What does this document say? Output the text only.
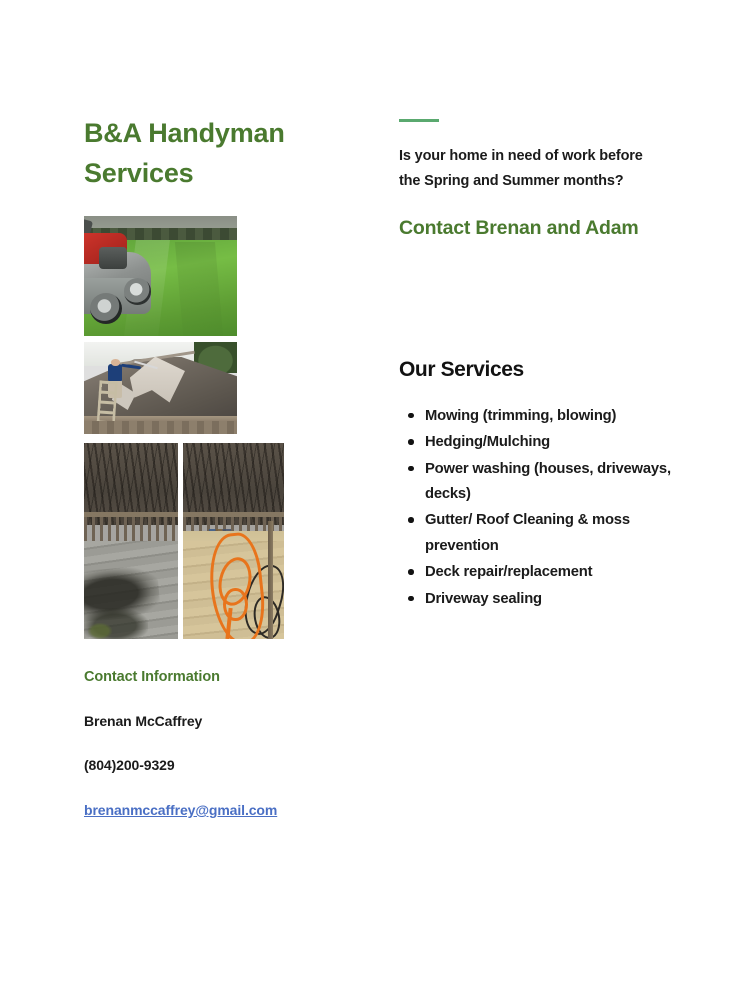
B&A Handyman Services

Contact Information

Brenan McCaffrey

(804)200-9329

brenanmccaffrey@gmail.com

Is your home in need of work before the Spring and Summer months?

Contact Brenan and Adam
Our Services
Mowing (trimming, blowing)
Hedging/Mulching
Power washing (houses, driveways, decks)
Gutter/ Roof Cleaning & moss prevention
Deck repair/replacement
Driveway sealing
